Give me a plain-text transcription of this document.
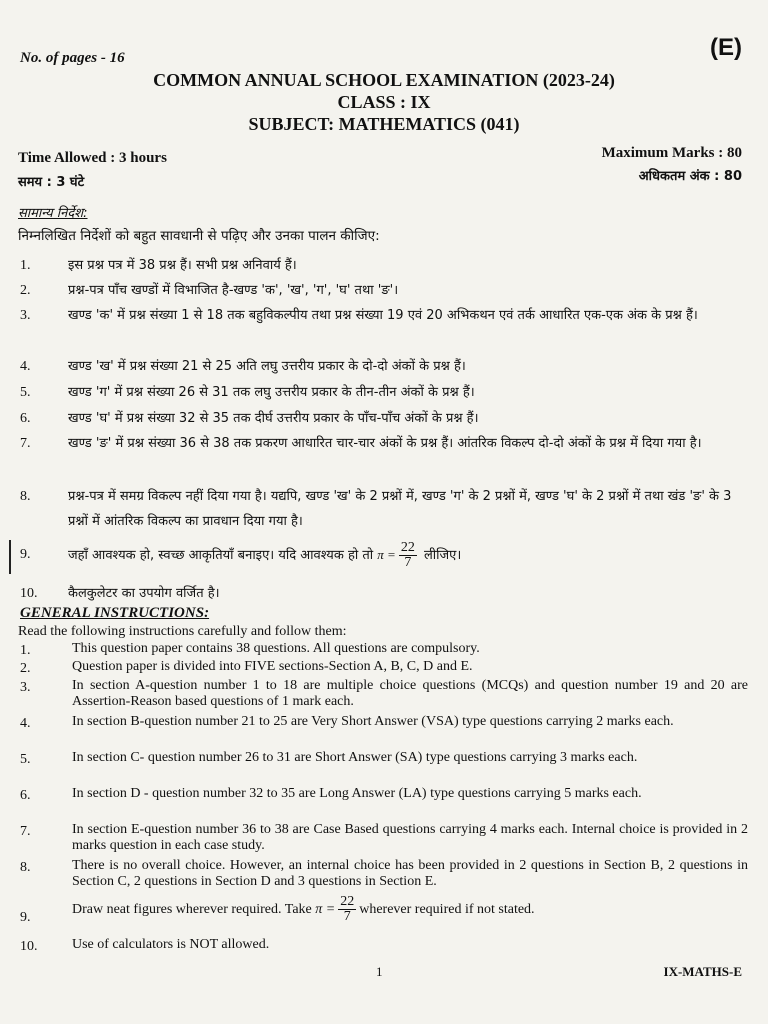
No. of pages - 16	(E)
COMMON ANNUAL SCHOOL EXAMINATION (2023-24)
CLASS : IX
SUBJECT: MATHEMATICS (041)
Time Allowed : 3 hours
समय : 3 घंटे
Maximum Marks : 80
अधिकतम अंक : 80
सामान्य निर्देश:
निम्नलिखित निर्देशों को बहुत सावधानी से पढ़िए और उनका पालन कीजिए:
1.	इस प्रश्न पत्र में 38 प्रश्न हैं। सभी प्रश्न अनिवार्य हैं।
2.	प्रश्न-पत्र पाँच खण्डों में विभाजित है-खण्ड 'क', 'ख', 'ग', 'घ' तथा 'ङ'।
3.	खण्ड 'क' में प्रश्न संख्या 1 से 18 तक बहुविकल्पीय तथा प्रश्न संख्या 19 एवं 20 अभिकथन एवं तर्क आधारित एक-एक अंक के प्रश्न हैं।
4.	खण्ड 'ख' में प्रश्न संख्या 21 से 25 अति लघु उत्तरीय प्रकार के दो-दो अंकों के प्रश्न हैं।
5.	खण्ड 'ग' में प्रश्न संख्या 26 से 31 तक लघु उत्तरीय प्रकार के तीन-तीन अंकों के प्रश्न हैं।
6.	खण्ड 'घ' में प्रश्न संख्या 32 से 35 तक दीर्घ उत्तरीय प्रकार के पाँच-पाँच अंकों के प्रश्न हैं।
7.	खण्ड 'ङ' में प्रश्न संख्या 36 से 38 तक प्रकरण आधारित चार-चार अंकों के प्रश्न हैं। आंतरिक विकल्प दो-दो अंकों के प्रश्न में दिया गया है।
8.	प्रश्न-पत्र में समग्र विकल्प नहीं दिया गया है। यद्यपि, खण्ड 'ख' के 2 प्रश्नों में, खण्ड 'ग' के 2 प्रश्नों में, खण्ड 'घ' के 2 प्रश्नों में तथा खंड 'ङ' के 3 प्रश्नों में आंतरिक विकल्प का प्रावधान दिया गया है।
9.	जहाँ आवश्यक हो, स्वच्छ आकृतियाँ बनाइए। यदि आवश्यक हो तो $\pi = \frac{22}{7}$ लीजिए।
10. कैलकुलेटर का उपयोग वर्जित है।
GENERAL INSTRUCTIONS:
Read the following instructions carefully and follow them:
1.	This question paper contains 38 questions. All questions are compulsory.
2.	Question paper is divided into FIVE sections-Section A, B, C, D and E.
3.	In section A-question number 1 to 18 are multiple choice questions (MCQs) and question number 19 and 20 are Assertion-Reason based questions of 1 mark each.
4.	In section B-question number 21 to 25 are Very Short Answer (VSA) type questions carrying 2 marks each.
5.	In section C- question number 26 to 31 are Short Answer (SA) type questions carrying 3 marks each.
6.	In section D - question number 32 to 35 are Long Answer (LA) type questions carrying 5 marks each.
7.	In section E-question number 36 to 38 are Case Based questions carrying 4 marks each. Internal choice is provided in 2 marks question in each case study.
8.	There is no overall choice. However, an internal choice has been provided in 2 questions in Section B, 2 questions in Section C, 2 questions in Section D and 3 questions in Section E.
9.
Draw neat figures wherever required. Take $\pi = \frac{22}{7}$ wherever required if not stated.
10. Use of calculators is NOT allowed.
1	IX-MATHS-E
